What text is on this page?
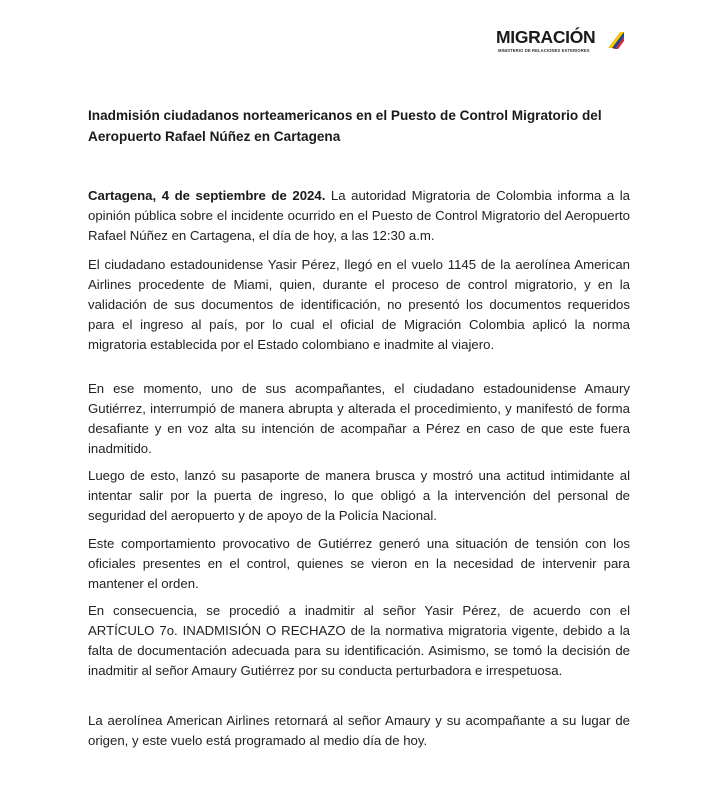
MIGRACIÓN
MINISTERIO DE RELACIONES EXTERIORES
Inadmisión ciudadanos norteamericanos en el Puesto de Control Migratorio del Aeropuerto Rafael Núñez en Cartagena

Cartagena, 4 de septiembre de 2024. La autoridad Migratoria de Colombia informa a la opinión pública sobre el incidente ocurrido en el Puesto de Control Migratorio del Aeropuerto Rafael Núñez en Cartagena, el día de hoy, a las 12:30 a.m.

El ciudadano estadounidense Yasir Pérez, llegó en el vuelo 1145 de la aerolínea American Airlines procedente de Miami, quien, durante el proceso de control migratorio, y en la validación de sus documentos de identificación, no presentó los documentos requeridos para el ingreso al país, por lo cual el oficial de Migración Colombia aplicó la norma migratoria establecida por el Estado colombiano e inadmite al viajero.

En ese momento, uno de sus acompañantes, el ciudadano estadounidense Amaury Gutiérrez, interrumpió de manera abrupta y alterada el procedimiento, y manifestó de forma desafiante y en voz alta su intención de acompañar a Pérez en caso de que este fuera inadmitido.

Luego de esto, lanzó su pasaporte de manera brusca y mostró una actitud intimidante al intentar salir por la puerta de ingreso, lo que obligó a la intervención del personal de seguridad del aeropuerto y de apoyo de la Policía Nacional.

Este comportamiento provocativo de Gutiérrez generó una situación de tensión con los oficiales presentes en el control, quienes se vieron en la necesidad de intervenir para mantener el orden.

En consecuencia, se procedió a inadmitir al señor Yasir Pérez, de acuerdo con el ARTÍCULO 7o. INADMISIÓN O RECHAZO de la normativa migratoria vigente, debido a la falta de documentación adecuada para su identificación. Asimismo, se tomó la decisión de inadmitir al señor Amaury Gutiérrez por su conducta perturbadora e irrespetuosa.

La aerolínea American Airlines retornará al señor Amaury y su acompañante a su lugar de origen, y este vuelo está programado al medio día de hoy.
